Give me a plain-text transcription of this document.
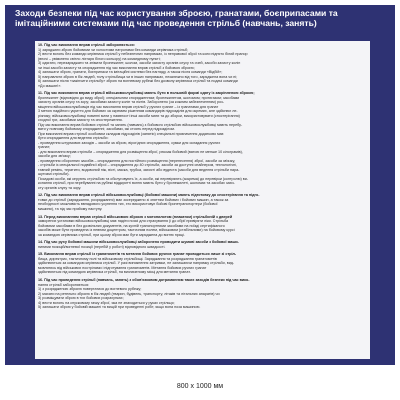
Заходи безпеки під час користування зброєю, гранатами, боєприпасами та імітаційними системами під час проведення стрільб (навчань, занять)
10. Під час виконання вправ стрільб забороняється:
1) заряджати зброю бойовими чи холостими патронами без команди керівника стрільб;
2) вести вогонь без команди керівника стрільб у небезпечних напрямках, із неправової зброї та коли піднято білий прапор
(вночі – увімкнено світло ліхтаря білого кольору) на командному пункті;
3) одягати, перезаряджати та знімати бронежилет, шолом, засоби захисту органів слуху та очей, засоби захисту колін
чи інші засоби захисту та спорядження під час виконання вправ стрільб з бойовою зброєю;
4) залишати зброю, гранати, боєприпаси та імітаційні системи без нагляду, а також після команди «Відбій»;
5) направляти зброю в бік людей, тилу стрільбища чи в інших напрямках, незалежно від того, заряджена вона чи ні;
6) залишати після «закінчити стрільбу» зброю на вогневому рубежі без дозволу керівника стрільб та подачі команди
«До машин!».
11. Під час виконання вправ стрільб військовослужбовці мають бути в польовій формі одягу із закріпленою зброєю;
бронежилет (відповідно до виду зброї); спеціальним спорядженням; бронежилетом, шоломом; протигазом; засобами
захисту органів слуху та зору; засобами захисту колін та ліктів. Заборонено (за кожним забезпеченням) роз-
міщення військовослужбовців під час виконання вправ стрільб у ручних гранат – із гранатами для гранат
3 метою надійного укриття для бойових за окремим рішенням командирів підрозділів для окремих, але здійснює ле-
різнику; військовослужбовці повинні мати у наявності інші засоби мати та до зборки, використовувати (спостерігання)
сходної гри, засобами захисту та спостереження.
Під час виконання вправ бойових стрільб та занять (навчань) з бойового стрільбою військовослужбовці мають перебу-
вати у повному бойовому спорядженні; засобами, які стоять перед підрозділом.
При виконанні вправ стрільб особовим складом підрозділів (занятіи) спеціальні призначення додатково має
бути спорядження для ведення стрільби:
- проведення штурмових заходів – засоби за зброю, вірогідних спорядження, сумки для складання ручних
гранат;
- для виконання вправ стрільби – спорядження для розміщення зброї, рюкзак бойовий (ватою не менше 10 кілограмів),
засоби для зв'язку;
- проведення оборонних засобів – спорядження для постійного розміщення (перенесення) зброї, засоби за зв'язку,
- стрільби із спеціальної подвійної зброї – спорядження до 40 стрільби, засоби за доступні снайпером, технологічні,
тавний ремінь, тератити, водовоний ніж, вісті, маска, трубка, захисті або вудеста (засоби для ведення стрільби пара-
шутизмі стрільби).
Посадові особи, які керують стрільбою та обслуговують їх, а особи, які перевіряють (зокрема) до перевірки (контролю) ви-
конання стрільб, при перебуванні на рубежі віддкритті вогню мають бути у бронежилеті, шоломах та засобах захи-
сту органів слуху та зору.
12. Під час виконання вправ стрільб військовослужбовці (бойової машини) мають підготовку до спостерігання та підго-
товки до стрільб (заряджання, розряджання) має зосереджено зі зняттям бойових і бойових машин, а також за
необхідності можливість ввладового усунення тих, хто використовує бойові бронетранспортери (бойової
машини), та під час прийому наступу.
13. Перед виконанням вправ стрільб військовою зброєю з мотопилотом (плакатом) стрільбиній з дверей
заморених установки військовослужбовці має надіти поясі для страхування (і до обрії привіряти ліки. Стрільба
бойовими засобами в без дозвільних документів, на кухній транспортними засобами на поїзді сертифіканого
засобів може бути проведена із певним доцентром, тактичним полем, військовим (стабільними) на бойовому курсі
за командою керівника стрільб, при цьому зброя має бути заряджена до вогню праці.
14. Під час руху бойової машини військовослужбовці заборонено проводити шумові засоби з бойової маши-
ниними позицій/вогневої позиції (перебій у роботі) відповідного швидкості.
15. Виконання вправ стрільб із гранатометів та метання бойових ручних гранат проводиться лише зі стріл-
бища, директрис, тактичному полі та військовому стрільбищі. Заряджання та розряджання гранатометів
здійснюються за командою керівника стрільб. У разі виникнення затримки, не залишаючи напрямку стрільби, вид-
мовлятись від військових пострілами і підготування гранатометів. Метання бойових ручних гранат
здійснюються під командою керівника стрільб, на визначеному місці для метання гранат.
16. Під час проведення стрільб (навчань, занять) з обов'язковим дотриманням таких заходів безпеки під час вико-
нання стрільб забороняється:
1) з розрядженою зброєю повертатися до вогневого рубежу;
2) махати на ретельно зброєю в бік людей (тварин, будівель, транспорту, літаків та літальних апаратів) чи
3) розміщувати зброю в тих бойових розрахунках;
4) вести вогонь на спусковому гачку зброї, яка не знаходиться у руках стрільця;
5) залишати зброю у бойовій машині та вищій при проведенні робіт, якщо вона поза машиною.
800 х 1000 мм
